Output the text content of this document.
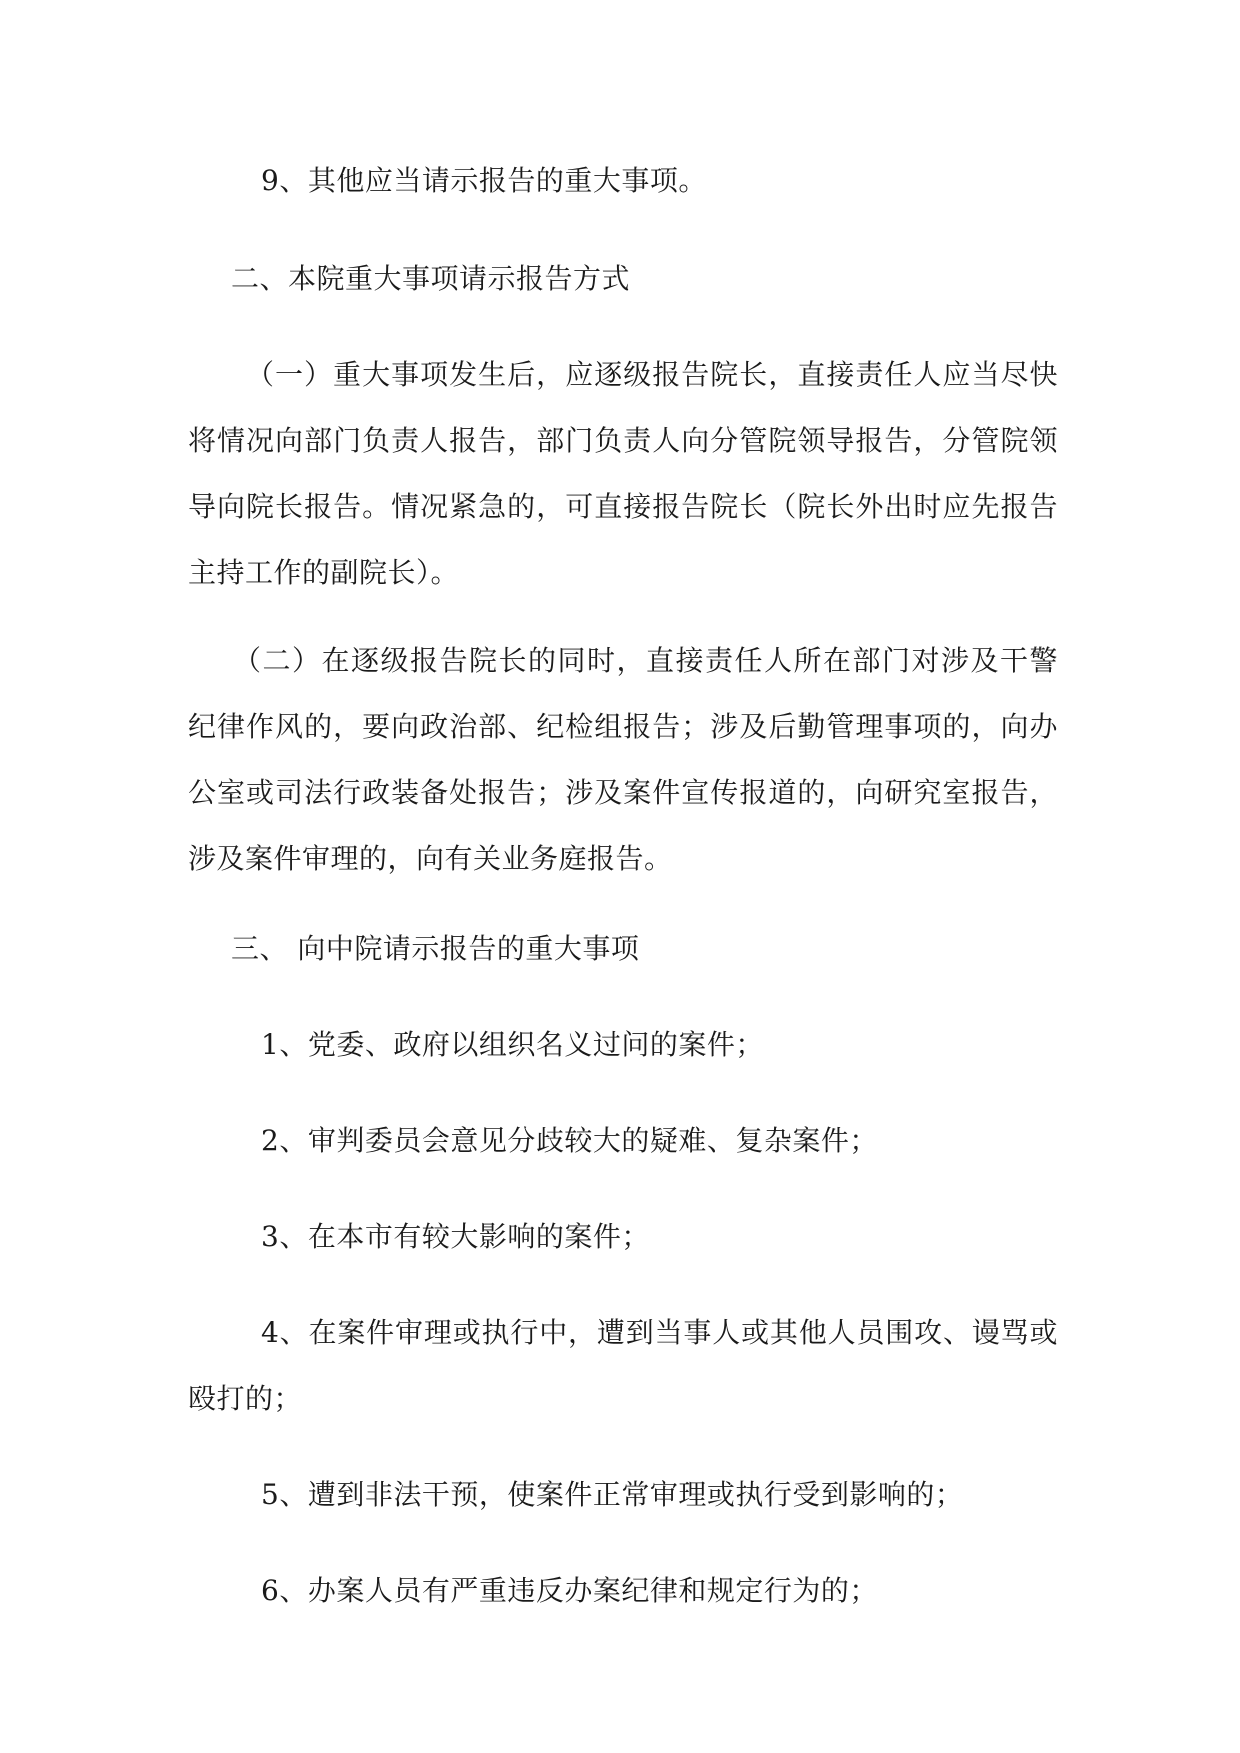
9、其他应当请示报告的重大事项。

二、本院重大事项请示报告方式

（一）重大事项发生后，应逐级报告院长，直接责任人应当尽快将情况向部门负责人报告，部门负责人向分管院领导报告，分管院领导向院长报告。情况紧急的，可直接报告院长（院长外出时应先报告主持工作的副院长）。

（二）在逐级报告院长的同时，直接责任人所在部门对涉及干警纪律作风的，要向政治部、纪检组报告；涉及后勤管理事项的，向办公室或司法行政装备处报告；涉及案件宣传报道的，向研究室报告，涉及案件审理的，向有关业务庭报告。

三、 向中院请示报告的重大事项

1、党委、政府以组织名义过问的案件；

2、审判委员会意见分歧较大的疑难、复杂案件；

3、在本市有较大影响的案件；

4、在案件审理或执行中，遭到当事人或其他人员围攻、谩骂或殴打的；

5、遭到非法干预，使案件正常审理或执行受到影响的；

6、办案人员有严重违反办案纪律和规定行为的；
